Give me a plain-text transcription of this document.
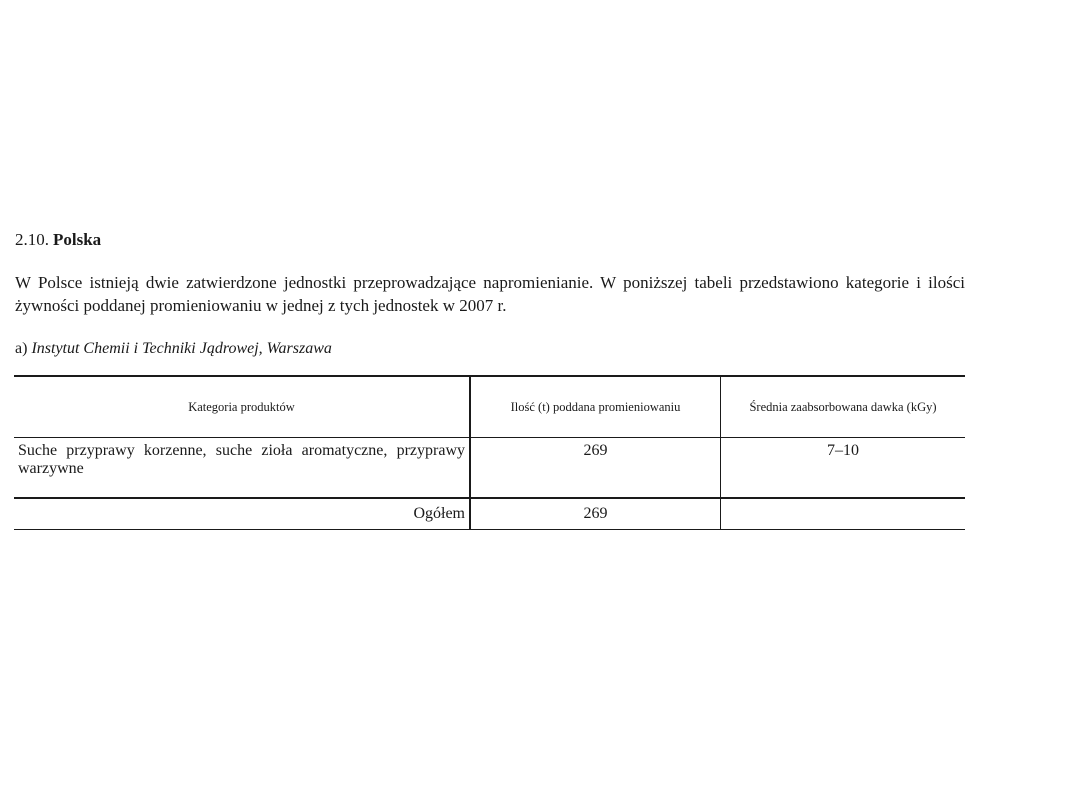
2.10. Polska

W Polsce istnieją dwie zatwierdzone jednostki przeprowadzające napromienianie. W poniższej tabeli przedstawiono kategorie i ilości żywności poddanej promieniowaniu w jednej z tych jednostek w 2007 r.

a) Instytut Chemii i Techniki Jądrowej, Warszawa

Kategoria produktów	Ilość (t) poddana promieniowaniu	Średnia zaabsorbowana dawka (kGy)
Suche przyprawy korzenne, suche zioła aromatyczne, przyprawy warzywne	269	7–10
Ogółem	269	
